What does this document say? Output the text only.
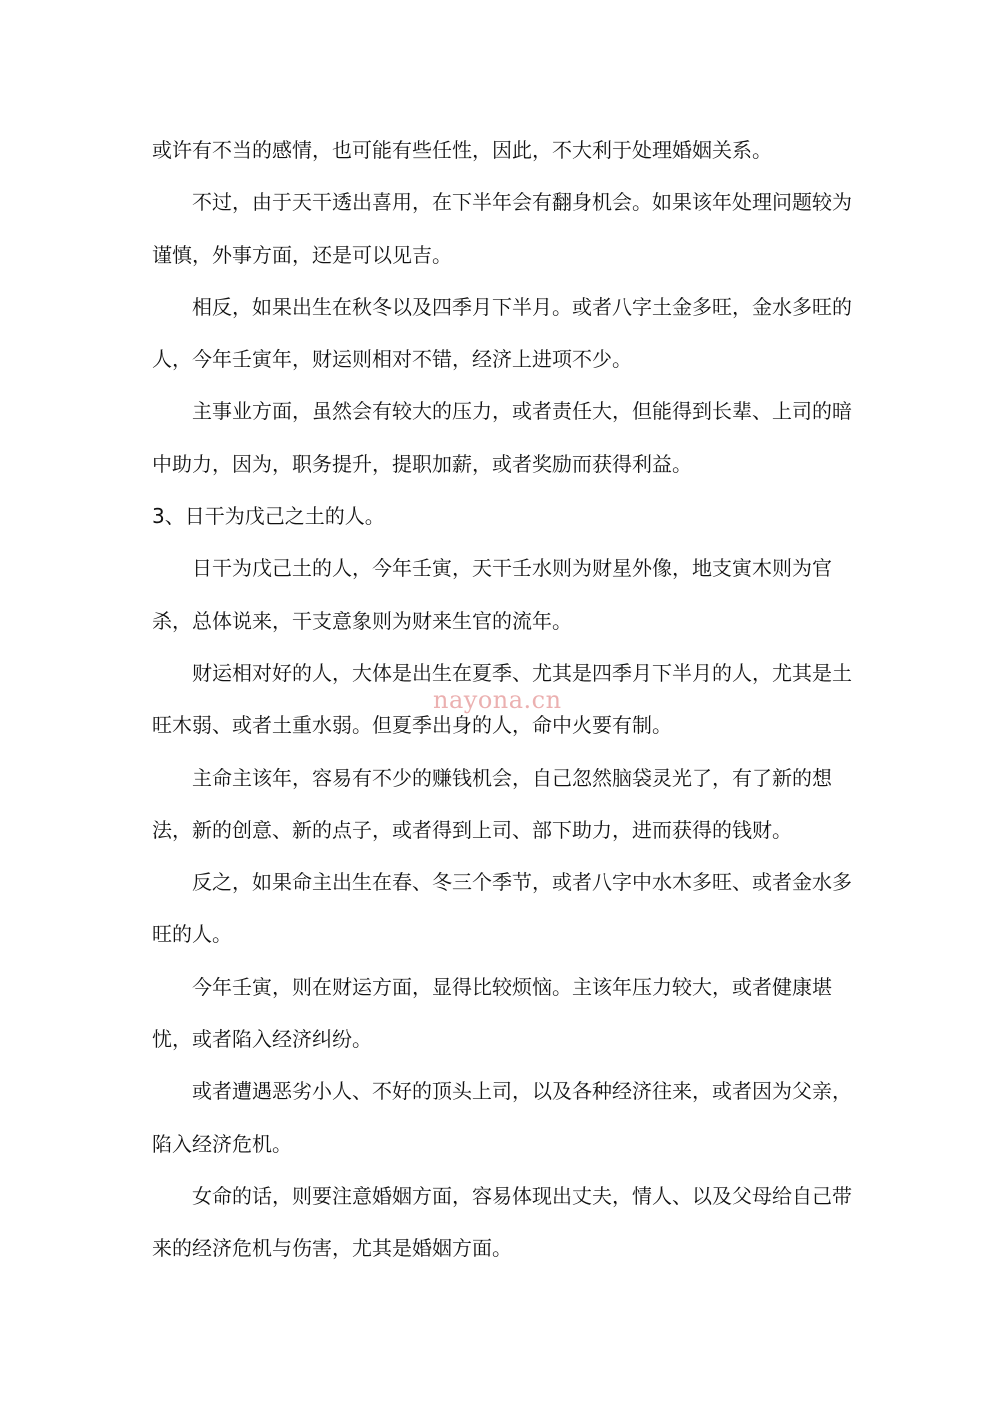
或许有不当的感情，也可能有些任性，因此，不大利于处理婚姻关系。

不过，由于天干透出喜用，在下半年会有翻身机会。如果该年处理问题较为谨慎，外事方面，还是可以见吉。

相反，如果出生在秋冬以及四季月下半月。或者八字土金多旺，金水多旺的人，今年壬寅年，财运则相对不错，经济上进项不少。

主事业方面，虽然会有较大的压力，或者责任大，但能得到长辈、上司的暗中助力，因为，职务提升，提职加薪，或者奖励而获得利益。

3、日干为戊己之土的人。

日干为戊己土的人，今年壬寅，天干壬水则为财星外像，地支寅木则为官杀，总体说来，干支意象则为财来生官的流年。

财运相对好的人，大体是出生在夏季、尤其是四季月下半月的人，尤其是土旺木弱、或者土重水弱。但夏季出身的人，命中火要有制。

主命主该年，容易有不少的赚钱机会，自己忽然脑袋灵光了，有了新的想法，新的创意、新的点子，或者得到上司、部下助力，进而获得的钱财。

反之，如果命主出生在春、冬三个季节，或者八字中水木多旺、或者金水多旺的人。

今年壬寅，则在财运方面，显得比较烦恼。主该年压力较大，或者健康堪忧，或者陷入经济纠纷。

或者遭遇恶劣小人、不好的顶头上司，以及各种经济往来，或者因为父亲，陷入经济危机。

女命的话，则要注意婚姻方面，容易体现出丈夫，情人、以及父母给自己带来的经济危机与伤害，尤其是婚姻方面。

nayona.cn
